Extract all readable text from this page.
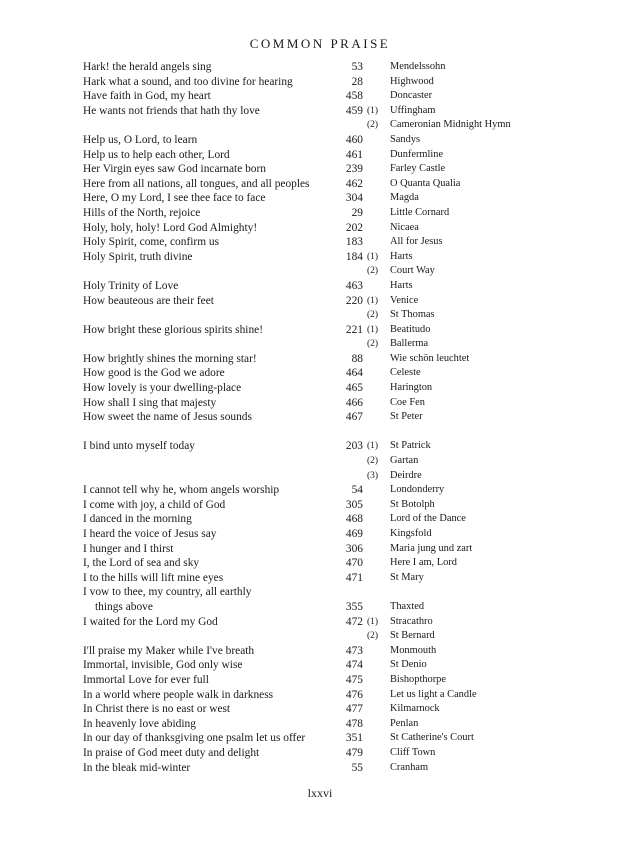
COMMON PRAISE
Hark! the herald angels sing	53	Mendelssohn
Hark what a sound, and too divine for hearing	28	Highwood
Have faith in God, my heart	458	Doncaster
He wants not friends that hath thy love	459 (1) Uffingham
(2) Cameronian Midnight Hymn
Help us, O Lord, to learn	460	Sandys
Help us to help each other, Lord	461	Dunfermline
Her Virgin eyes saw God incarnate born	239	Farley Castle
Here from all nations, all tongues, and all peoples	462	O Quanta Qualia
Here, O my Lord, I see thee face to face	304	Magda
Hills of the North, rejoice	29	Little Cornard
Holy, holy, holy! Lord God Almighty!	202	Nicaea
Holy Spirit, come, confirm us	183	All for Jesus
Holy Spirit, truth divine	184 (1) Harts
(2) Court Way
Holy Trinity of Love	463	Harts
How beauteous are their feet	220 (1) Venice
(2) St Thomas
How bright these glorious spirits shine!	221 (1) Beatitudo
(2) Ballerma
How brightly shines the morning star!	88	Wie schön leuchtet
How good is the God we adore	464	Celeste
How lovely is your dwelling-place	465	Harington
How shall I sing that majesty	466	Coe Fen
How sweet the name of Jesus sounds	467	St Peter
I bind unto myself today	203 (1) St Patrick
(2) Gartan
(3) Deirdre
I cannot tell why he, whom angels worship	54	Londonderry
I come with joy, a child of God	305	St Botolph
I danced in the morning	468	Lord of the Dance
I heard the voice of Jesus say	469	Kingsfold
I hunger and I thirst	306	Maria jung und zart
I, the Lord of sea and sky	470	Here I am, Lord
I to the hills will lift mine eyes	471	St Mary
I vow to thee, my country, all earthly
things above	355	Thaxted
I waited for the Lord my God	472 (1) Stracathro
(2) St Bernard
I'll praise my Maker while I've breath	473	Monmouth
Immortal, invisible, God only wise	474	St Denio
Immortal Love for ever full	475	Bishopthorpe
In a world where people walk in darkness	476	Let us light a Candle
In Christ there is no east or west	477	Kilmarnock
In heavenly love abiding	478	Penlan
In our day of thanksgiving one psalm let us offer	351	St Catherine's Court
In praise of God meet duty and delight	479	Cliff Town
In the bleak mid-winter	55	Cranham
lxxvi
